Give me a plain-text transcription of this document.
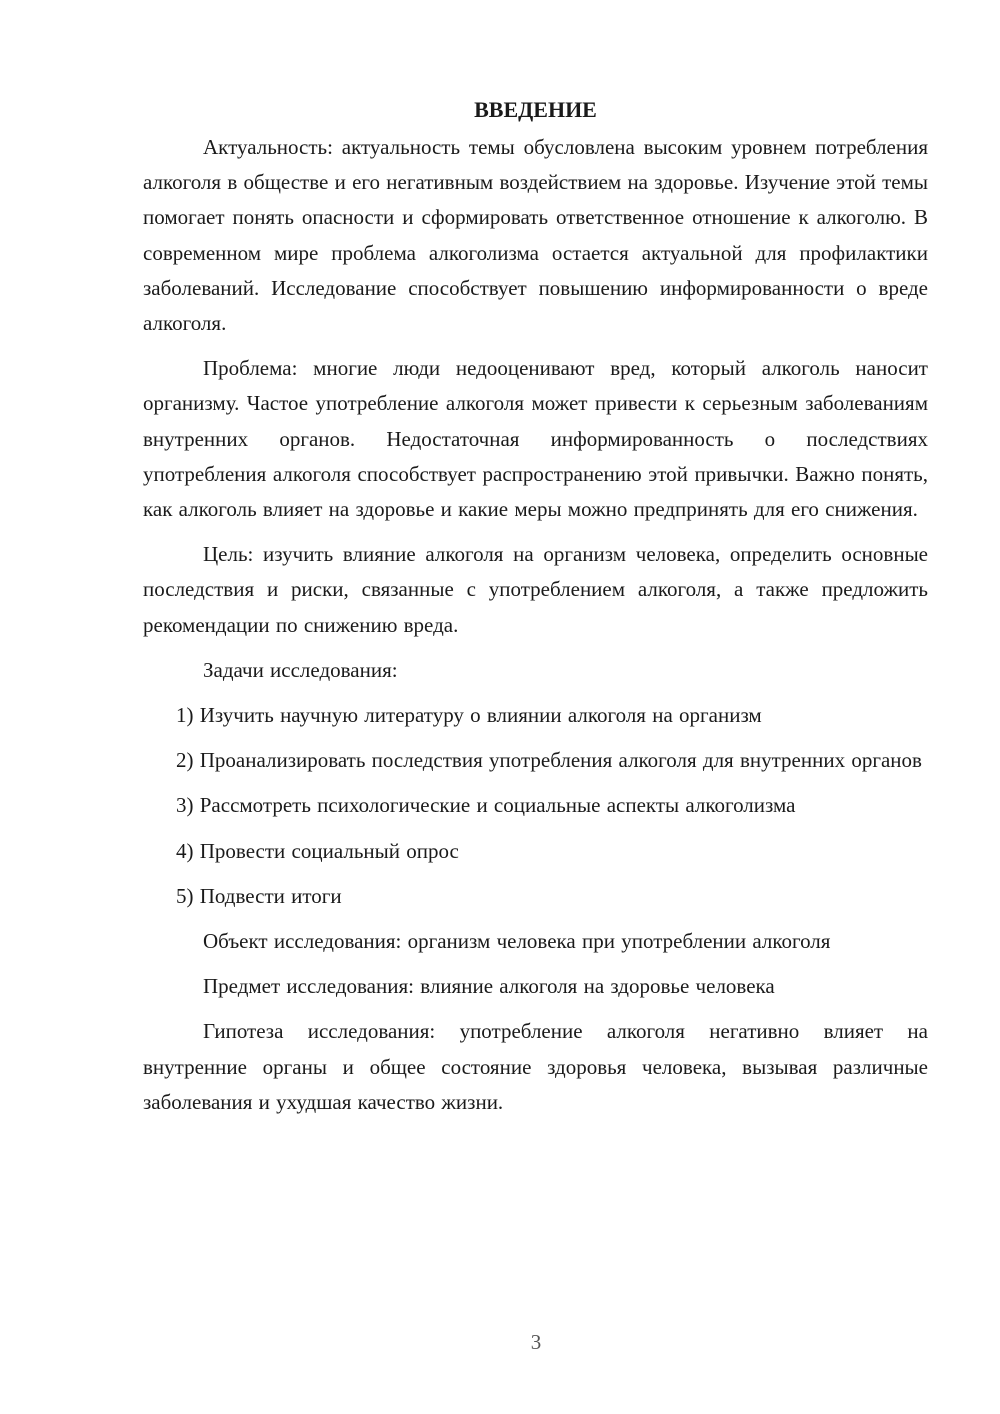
ВВЕДЕНИЕ

Актуальность: актуальность темы обусловлена высоким уровнем потребления алкоголя в обществе и его негативным воздействием на здоровье. Изучение этой темы помогает понять опасности и сформировать ответственное отношение к алкоголю. В современном мире проблема алкоголизма остается актуальной для профилактики заболеваний. Исследование способствует повышению информированности о вреде алкоголя.

Проблема: многие люди недооценивают вред, который алкоголь наносит организму. Частое употребление алкоголя может привести к серьезным заболеваниям внутренних органов. Недостаточная информированность о последствиях употребления алкоголя способствует распространению этой привычки. Важно понять, как алкоголь влияет на здоровье и какие меры можно предпринять для его снижения.

Цель: изучить влияние алкоголя на организм человека, определить основные последствия и риски, связанные с употреблением алкоголя, а также предложить рекомендации по снижению вреда.

Задачи исследования:

1) Изучить научную литературу о влиянии алкоголя на организм

2) Проанализировать последствия употребления алкоголя для внутренних органов

3) Рассмотреть психологические и социальные аспекты алкоголизма

4) Провести социальный опрос

5) Подвести итоги

Объект исследования: организм человека при употреблении алкоголя

Предмет исследования: влияние алкоголя на здоровье человека

Гипотеза исследования: употребление алкоголя негативно влияет на внутренние органы и общее состояние здоровья человека, вызывая различные заболевания и ухудшая качество жизни.

3
